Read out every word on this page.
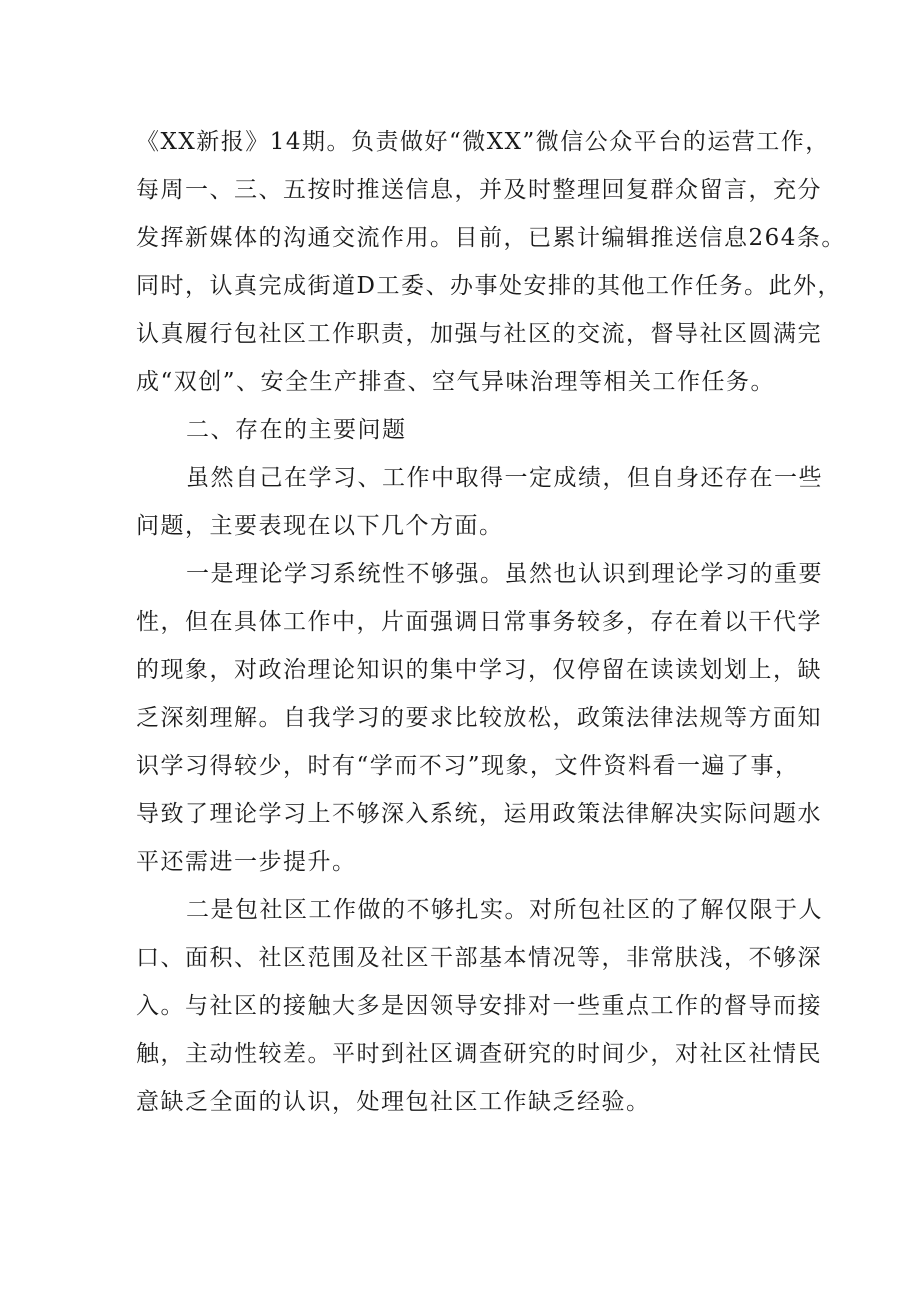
《XX新报》14期。负责做好“微XX”微信公众平台的运营工作，
每周一、三、五按时推送信息，并及时整理回复群众留言，充分
发挥新媒体的沟通交流作用。目前，已累计编辑推送信息264条。
同时，认真完成街道D工委、办事处安排的其他工作任务。此外，
认真履行包社区工作职责，加强与社区的交流，督导社区圆满完
成“双创”、安全生产排查、空气异味治理等相关工作任务。
二、存在的主要问题
虽然自己在学习、工作中取得一定成绩，但自身还存在一些
问题，主要表现在以下几个方面。
一是理论学习系统性不够强。虽然也认识到理论学习的重要
性，但在具体工作中，片面强调日常事务较多，存在着以干代学
的现象，对政治理论知识的集中学习，仅停留在读读划划上，缺
乏深刻理解。自我学习的要求比较放松，政策法律法规等方面知
识学习得较少，时有“学而不习”现象，文件资料看一遍了事，
导致了理论学习上不够深入系统，运用政策法律解决实际问题水
平还需进一步提升。
二是包社区工作做的不够扎实。对所包社区的了解仅限于人
口、面积、社区范围及社区干部基本情况等，非常肤浅，不够深
入。与社区的接触大多是因领导安排对一些重点工作的督导而接
触，主动性较差。平时到社区调查研究的时间少，对社区社情民
意缺乏全面的认识，处理包社区工作缺乏经验。
